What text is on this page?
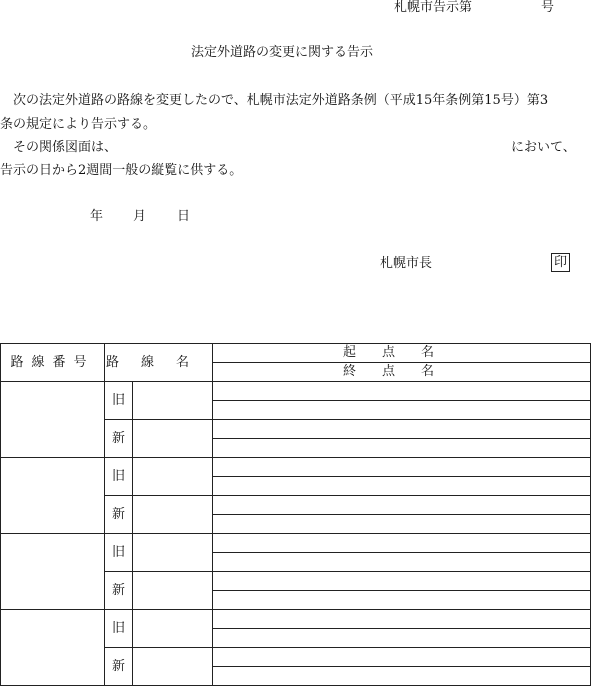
札幌市告示第	号
法定外道路の変更に関する告示
次の法定外道路の路線を変更したので、札幌市法定外道路条例（平成15年条例第15号）第3
条の規定により告示する。
その関係図面は、	において、
告示の日から2週間一般の縦覧に供する。
年 月 日
札幌市長	印
路線番号	路線名		起点名
			終点名
	旧		

	新		

	旧		

	新		

	旧		

	新		

	旧		

	新		
